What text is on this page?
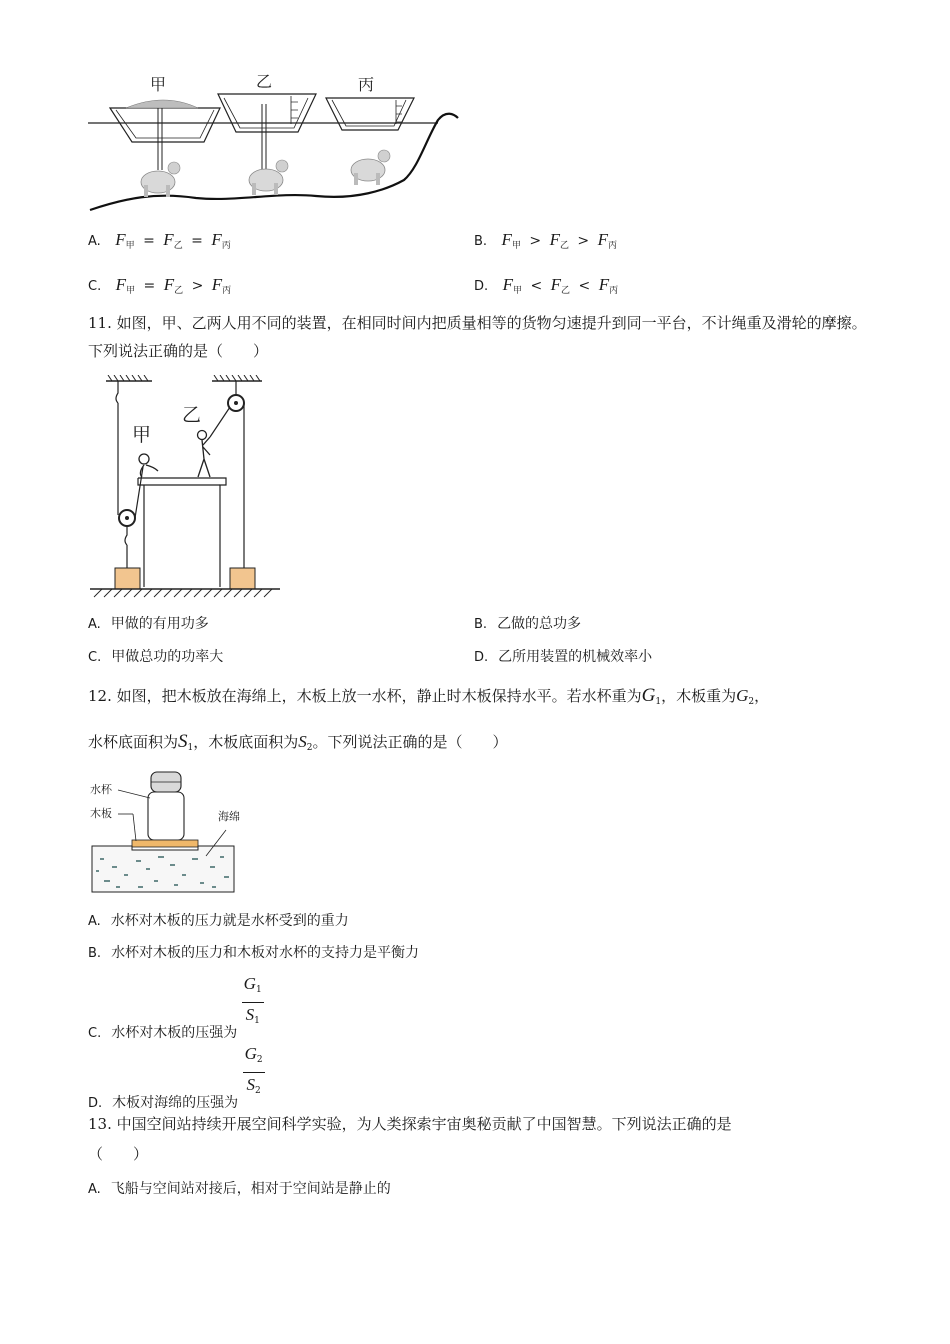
甲	乙	丙
A. $F_甲 = F_乙 = F_丙$	B. $F_甲 > F_乙 > F_丙$
C. $F_甲 = F_乙 > F_丙$	D. $F_甲 < F_乙 < F_丙$
11. 如图，甲、乙两人用不同的装置，在相同时间内把质量相等的货物匀速提升到同一平台，不计绳重及滑轮的摩擦。下列说法正确的是（　　）
甲
乙
A. 甲做的有用功多	B. 乙做的总功多
C. 甲做总功的功率大	D. 乙所用装置的机械效率小
12. 如图，把木板放在海绵上，木板上放一水杯，静止时木板保持水平。若水杯重为$G_1$，木板重为$G_2$，
水杯底面积为$S_1$，木板底面积为$S_2$。下列说法正确的是（　　）
水杯
木板	海绵
A. 水杯对木板的压力就是水杯受到的重力
B. 水杯对木板的压力和木板对水杯的支持力是平衡力
C. 水杯对木板的压强为
$\frac{G_1}{S_1}$
D. 木板对海绵的压强为
$\frac{G_2}{S_2}$
13. 中国空间站持续开展空间科学实验，为人类探索宇宙奥秘贡献了中国智慧。下列说法正确的是
（　　）
A. 飞船与空间站对接后，相对于空间站是静止的
